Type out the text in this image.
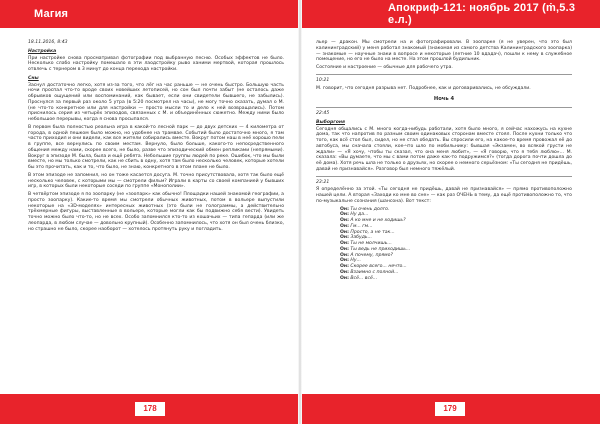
Магия

18.11.2016, 8:43

Настройка

При настройке снова просматривал фотографии под выбранную песню. Особых эффектов не было. Несколько слабо настройку помешало в эти лаодстройку рыво ханими мертвой, которая прошлось отвлечь с тернером в 3 минут до конца перехода настройки.

Сны

Заснул достаточно легко, хотя из-за того, что лёг на час раньше — не очень быстро. Большую часть ночи проспал что-то вроде своих новейших летописей, но сон был почти забыт (не осталось даже обрывков ощущений или воспоминаний, как бывает, если они свидетели бывшего, не забылись). Проснулся за первый раз около 5 утра (в 5:20 посмотрел на часы), не могу точно сказать, думал о М. (не что-то конкретное или для настройки — просто мысли то и дело к ней возвращались). Потом приснилось серия из четырёх эпизодов, связанных с М. и объединённых сюжетно. Между ними было небольшое перерывы, когда я снова просыпался.

В первом была полностью реальна игра в какой-то лесной парк — до двух детских — 4 километра от города, в одной пешком было можно, но удобнее на трамвае. Событий было достаточно много, я там часто приходил и они видели, как все жители собирались вместе. Вокруг потом наш в неё хорошо пели в группе, все вернулись по своим местам. Вернуло, было больше, какого-то непосредственного общения между нами, скорее всего, не было, разве что эпизодический обмен репликами (непрямыми). Вокруг в эпизоде М. была, была и ещё ребята. Небольшие группы людей по реке. Ошибок, что мы были вместе, но мы только смотрели, как не сбить в одну, хотя там было несколько человек, которые хотели бы это прочитать, как и то, что было, не знаю, конкретного в этом плане не было.

В этом эпизоде не запомнил, но он тоже касается досуга. М. точно присутствовала, хотя так было ещё несколько человек, с которыми мы — смотрели фильм? Играли в карты со своей компанией у бывших игр, в которых были некоторые соседи по группе «Монополии».

В четвёртом эпизоде я по зоопарку (не «зоопарк» как обычно! Площадки нашей знакомой географии, а просто зоопарку). Какие-то время мы смотрели обычных животных, потом в вольере выпустили некоторые на «3D-моделях» интересных животных (это были не голограммы, а действительно трёхмерные фигуры, выставленные в вольере, которые могли как бы подвижно себя вести). Увидеть точно можно было что-то, но не всех. Особо запомнился кто-то из кошачьих — типа гепарда (или же леопарда, в любом случае — довольно крупный). Особенно запомнилось, что хотя он был очень близко, но страшно не было, скорее наоборот — хотелось протянуть руку и погладить.

178
Апокриф-121: ноябрь 2017 (ṁ,5.3 е.л.)

льер — дракон. Мы смотрели на и фотографировали. В зоопарке (я не уверен, что это был калининградский) у меня работал знакомый (знакомая из самого детства Калининградского зоопарка) — знакомые — научные знаки в вопросе и некоторые (летние 10 вдадач), пошли к нему в служебное помещение, но его не было на месте. На этом прошлой будильник.

Состояние и настроение — обычные для рабочего утра.

10:21

М. говорит, что сегодня разрыва нет. Подробнее, как и договаривались, не обсуждали.

Ночь 4

22:45

Выборгоня

Сегодня общались с М. много когда-нибудь работали, хотя было много, я сейчас нахожусь на кухне дома, так что напротив по разным своим одинаковых сторонам вместе стоял. После кухни только что того, как всё стол был, сидел, но не стал обедать. Вы спросили его, на какое-то время провожал её до автобуса, мы сначала стояли, кое-что шло по мобильнику: бывшая «Экзамен, во всякой грусти не ждали» — «Я хочу, чтобы ты сказал, что она меня любит», — «Я говорю, что я тебя люблю»... М. сказала: «Вы думаете, что мы с вами потом даже как-то подружимся?» (тогда дорога почти дошла до её дома). Хотя речь шла не только о друзьях, но скорее о немного серьёзном: «Ты сегодня не придёшь, давай не признавайся». Разговор был немного тяжёлый.

23:21

Я определённо за этой. «Ты сегодня не придёшь, давай не признавайся» — прямо противоположно нашей цели. А вторая «Заходи ко мне во сне» — как раз ОЧЕНЬ в тему, да ещё противоположно то, что по-музыкальне сознания (шансона). Вот текст:

Он: Ты очень долго.
Он: Ну да...
Он: А ко мне и не ходишь?
Он: Гм... гм...
Он: Просто, а не так...
Он: Забудь...
Он: Ты не молчишь...
Он: Ты ведь не приходишь...
Он: А почему, прямо?
Он: Ну...
Он: Скорее всего... нечто...
Он: Взаимно с полной...
Он: Всё... всё...
179
